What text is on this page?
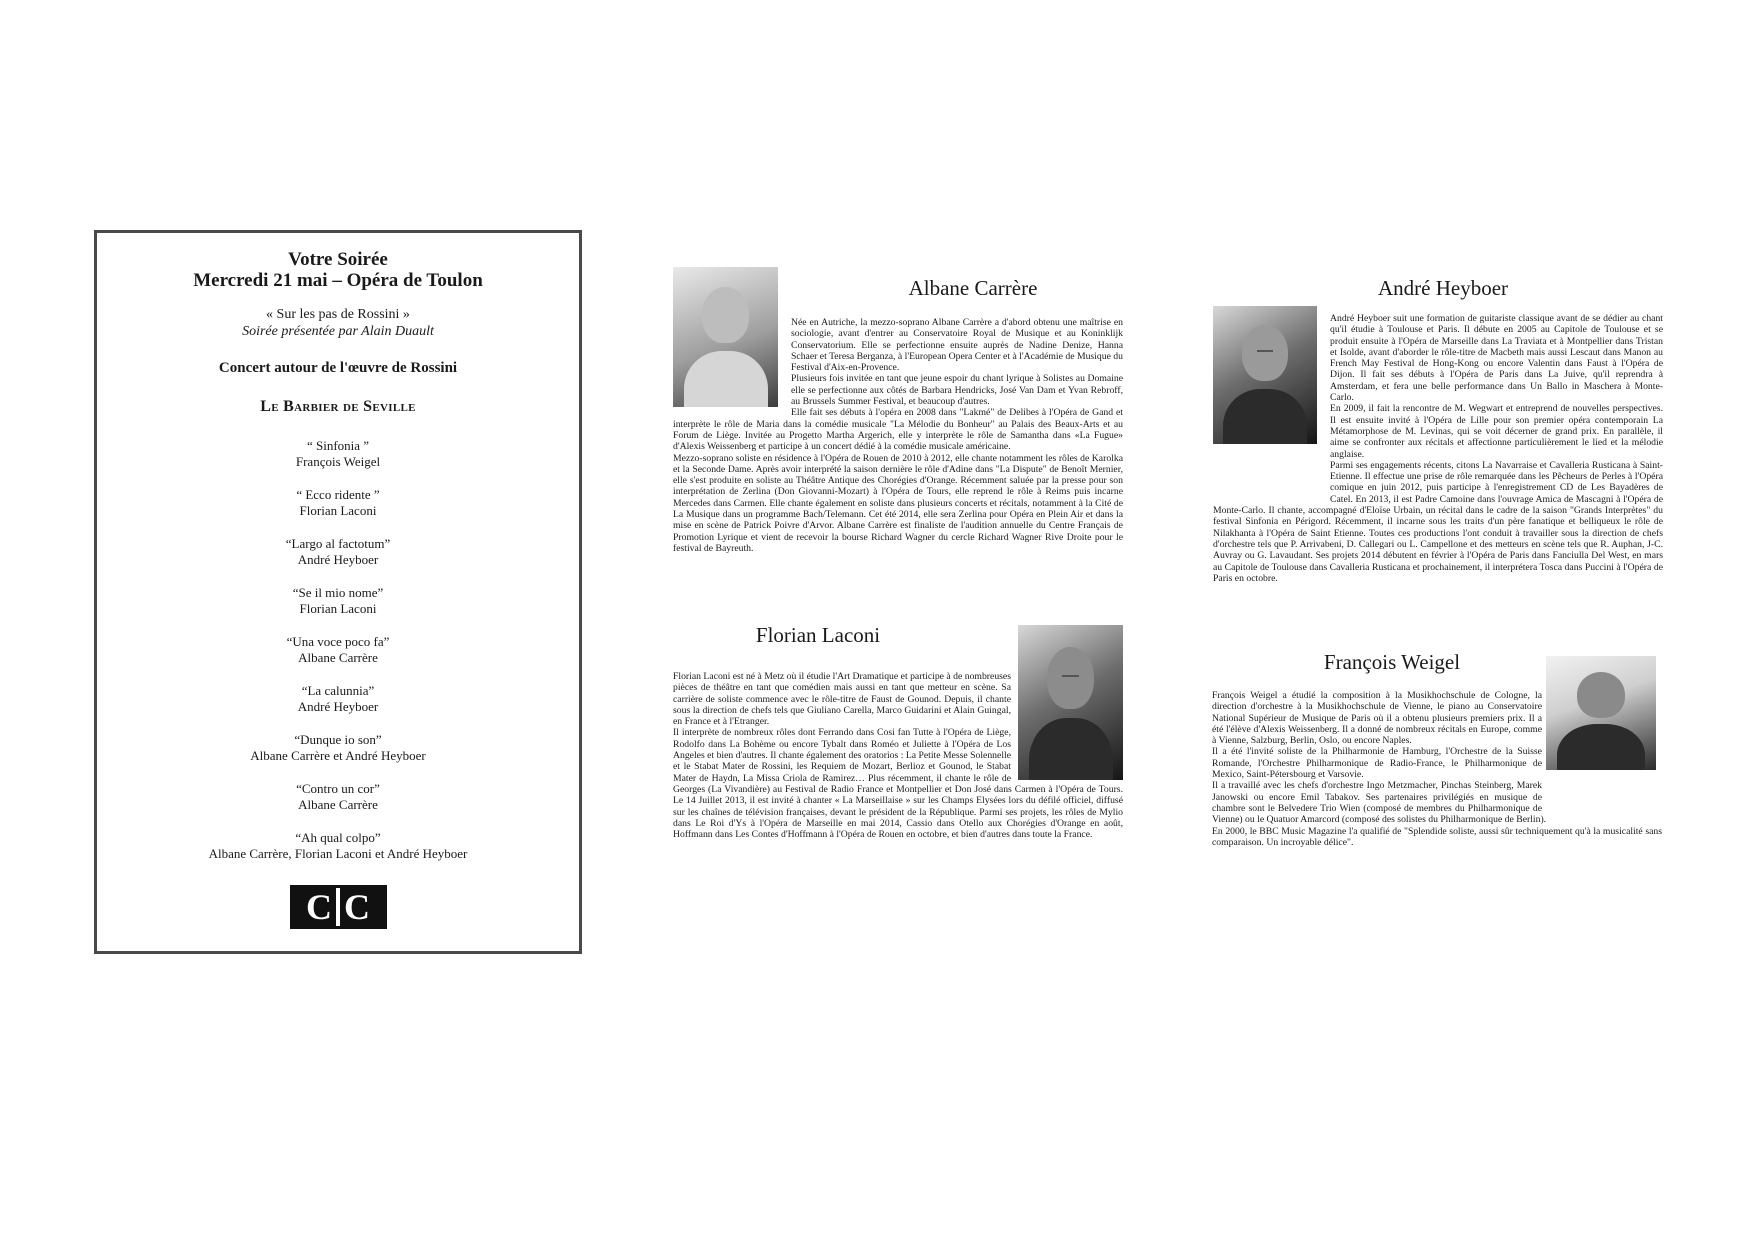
Votre Soirée
Mercredi 21 mai – Opéra de Toulon
« Sur les pas de Rossini »
Soirée présentée par Alain Duault
Concert autour de l'œuvre de Rossini
Le Barbier de Seville
“ Sinfonia ”
François Weigel
“ Ecco ridente ”
Florian Laconi
“Largo al factotum”
André Heyboer
“Se il mio nome”
Florian Laconi
“Una voce poco fa”
Albane Carrère
“La calunnia”
André Heyboer
“Dunque io son”
Albane Carrère et André Heyboer
“Contro un cor”
Albane Carrère
“Ah qual colpo”
Albane Carrère, Florian Laconi et André Heyboer
C C
Albane Carrère

Née en Autriche, la mezzo-soprano Albane Carrère a d'abord obtenu une maîtrise en sociologie, avant d'entrer au Conservatoire Royal de Musique et au Koninklijk Conservatorium. Elle se perfectionne ensuite auprès de Nadine Denize, Hanna Schaer et Teresa Berganza, à l'European Opera Center et à l'Académie de Musique du Festival d'Aix-en-Provence.

Plusieurs fois invitée en tant que jeune espoir du chant lyrique à Solistes au Domaine elle se perfectionne aux côtés de Barbara Hendricks, José Van Dam et Yvan Rebroff, au Brussels Summer Festival, et beaucoup d'autres.

Elle fait ses débuts à l'opéra en 2008 dans "Lakmé" de Delibes à l'Opéra de Gand et interprète le rôle de Maria dans la comédie musicale "La Mélodie du Bonheur" au Palais des Beaux-Arts et au Forum de Liège. Invitée au Progetto Martha Argerich, elle y interprète le rôle de Samantha dans «La Fugue» d'Alexis Weissenberg et participe à un concert dédié à la comédie musicale américaine.

Mezzo-soprano soliste en résidence à l'Opéra de Rouen de 2010 à 2012, elle chante notamment les rôles de Karolka et la Seconde Dame. Après avoir interprété la saison dernière le rôle d'Adine dans "La Dispute" de Benoît Mernier, elle s'est produite en soliste au Théâtre Antique des Chorégies d'Orange. Récemment saluée par la presse pour son interprétation de Zerlina (Don Giovanni-Mozart) à l'Opéra de Tours, elle reprend le rôle à Reims puis incarne Mercedes dans Carmen. Elle chante également en soliste dans plusieurs concerts et récitals, notamment à la Cité de La Musique dans un programme Bach/Telemann. Cet été 2014, elle sera Zerlina pour Opéra en Plein Air et dans la mise en scène de Patrick Poivre d'Arvor. Albane Carrère est finaliste de l'audition annuelle du Centre Français de Promotion Lyrique et vient de recevoir la bourse Richard Wagner du cercle Richard Wagner Rive Droite pour le festival de Bayreuth.

Florian Laconi

Florian Laconi est né à Metz où il étudie l'Art Dramatique et participe à de nombreuses pièces de théâtre en tant que comédien mais aussi en tant que metteur en scène. Sa carrière de soliste commence avec le rôle-titre de Faust de Gounod. Depuis, il chante sous la direction de chefs tels que Giuliano Carella, Marco Guidarini et Alain Guingal, en France et à l'Etranger.

Il interprète de nombreux rôles dont Ferrando dans Cosi fan Tutte à l'Opéra de Liège, Rodolfo dans La Bohème ou encore Tybalt dans Roméo et Juliette à l'Opéra de Los Angeles et bien d'autres. Il chante également des oratorios : La Petite Messe Solennelle et le Stabat Mater de Rossini, les Requiem de Mozart, Berlioz et Gounod, le Stabat Mater de Haydn, La Missa Criola de Ramirez… Plus récemment, il chante le rôle de Georges (La Vivandière) au Festival de Radio France et Montpellier et Don José dans Carmen à l'Opéra de Tours. Le 14 Juillet 2013, il est invité à chanter « La Marseillaise » sur les Champs Elysées lors du défilé officiel, diffusé sur les chaînes de télévision françaises, devant le président de la République. Parmi ses projets, les rôles de Mylio dans Le Roi d'Ys à l'Opéra de Marseille en mai 2014, Cassio dans Otello aux Chorégies d'Orange en août, Hoffmann dans Les Contes d'Hoffmann à l'Opéra de Rouen en octobre, et bien d'autres dans toute la France.

André Heyboer

André Heyboer suit une formation de guitariste classique avant de se dédier au chant qu'il étudie à Toulouse et Paris. Il débute en 2005 au Capitole de Toulouse et se produit ensuite à l'Opéra de Marseille dans La Traviata et à Montpellier dans Tristan et Isolde, avant d'aborder le rôle-titre de Macbeth mais aussi Lescaut dans Manon au French May Festival de Hong-Kong ou encore Valentin dans Faust à l'Opéra de Dijon. Il fait ses débuts à l'Opéra de Paris dans La Juive, qu'il reprendra à Amsterdam, et fera une belle performance dans Un Ballo in Maschera à Monte-Carlo.

En 2009, il fait la rencontre de M. Wegwart et entreprend de nouvelles perspectives. Il est ensuite invité à l'Opéra de Lille pour son premier opéra contemporain La Métamorphose de M. Levinas, qui se voit décerner de grand prix. En parallèle, il aime se confronter aux récitals et affectionne particulièrement le lied et la mélodie anglaise.

Parmi ses engagements récents, citons La Navarraise et Cavalleria Rusticana à Saint-Etienne. Il effectue une prise de rôle remarquée dans les Pêcheurs de Perles à l'Opéra comique en juin 2012, puis participe à l'enregistrement CD de Les Bayadères de Catel. En 2013, il est Padre Camoine dans l'ouvrage Amica de Mascagni à l'Opéra de Monte-Carlo. Il chante, accompagné d'Eloïse Urbain, un récital dans le cadre de la saison "Grands Interprètes" du festival Sinfonia en Périgord. Récemment, il incarne sous les traits d'un père fanatique et belliqueux le rôle de Nilakhanta à l'Opéra de Saint Etienne. Toutes ces productions l'ont conduit à travailler sous la direction de chefs d'orchestre tels que P. Arrivabeni, D. Callegari ou L. Campellone et des metteurs en scène tels que R. Auphan, J-C. Auvray ou G. Lavaudant. Ses projets 2014 débutent en février à l'Opéra de Paris dans Fanciulla Del West, en mars au Capitole de Toulouse dans Cavalleria Rusticana et prochainement, il interprétera Tosca dans Puccini à l'Opéra de Paris en octobre.

François Weigel

François Weigel a étudié la composition à la Musikhochschule de Cologne, la direction d'orchestre à la Musikhochschule de Vienne, le piano au Conservatoire National Supérieur de Musique de Paris où il a obtenu plusieurs premiers prix. Il a été l'élève d'Alexis Weissenberg. Il a donné de nombreux récitals en Europe, comme à Vienne, Salzburg, Berlin, Oslo, ou encore Naples.

Il a été l'invité soliste de la Philharmonie de Hamburg, l'Orchestre de la Suisse Romande, l'Orchestre Philharmonique de Radio-France, le Philharmonique de Mexico, Saint-Pétersbourg et Varsovie.

Il a travaillé avec les chefs d'orchestre Ingo Metzmacher, Pinchas Steinberg, Marek Janowski ou encore Emil Tabakov. Ses partenaires privilégiés en musique de chambre sont le Belvedere Trio Wien (composé de membres du Philharmonique de Vienne) ou le Quatuor Amarcord (composé des solistes du Philharmonique de Berlin).

En 2000, le BBC Music Magazine l'a qualifié de "Splendide soliste, aussi sûr techniquement qu'à la musicalité sans comparaison. Un incroyable délice".
